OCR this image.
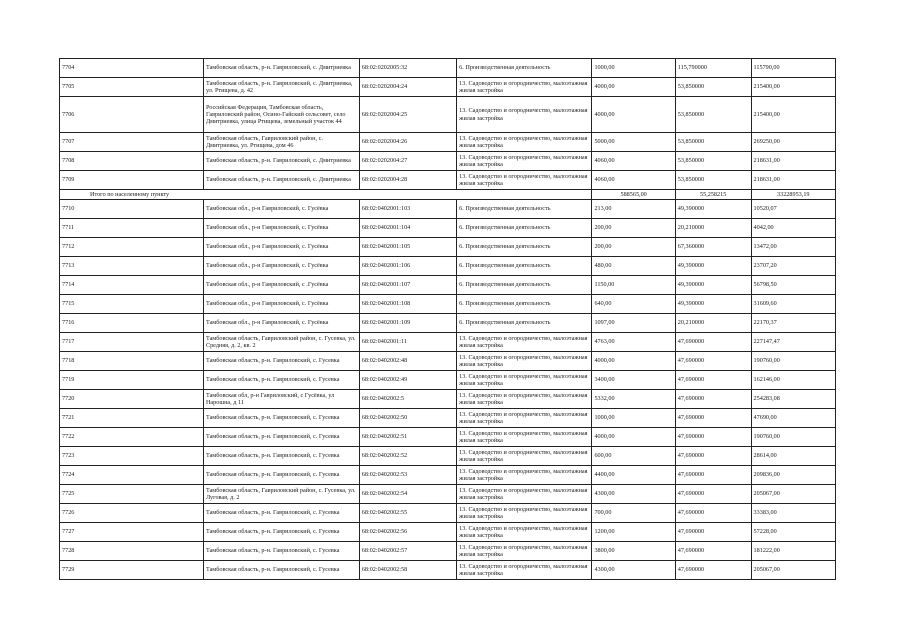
7704	Тамбовская область, р-н. Гавриловский, с. Дмитриевка	68:02:0202005:32	6. Производственная деятельность	1000,00	115,790000	115790,00
7705	Тамбовская область, р-н. Гавриловский, с. Дмитриевка, ул. Ртищева, д. 42	68:02:0202004:24	13. Садоводство и огородничество, малоэтажная жилая застройка	4000,00	53,850000	215400,00
7706	Российская Федерация, Тамбовская область, Гавриловский район, Осино-Гайский сельсовет, село Дмитриевка, улица Ртищева, земельный участок 44	68:02:0202004:25	13. Садоводство и огородничество, малоэтажная жилая застройка	4000,00	53,850000	215400,00
7707	Тамбовская область, Гавриловский район, с. Дмитриевка, ул. Ртищева, дом 46	68:02:0202004:26	13. Садоводство и огородничество, малоэтажная жилая застройка	5000,00	53,850000	269250,00
7708	Тамбовская область, р-н. Гавриловский, с. Дмитриевка	68:02:0202004:27	13. Садоводство и огородничество, малоэтажная жилая застройка	4060,00	53,850000	218631,00
7709	Тамбовская область, р-н. Гавриловский, с. Дмитриевка	68:02:0202004:28	13. Садоводство и огородничество, малоэтажная жилая застройка	4060,00	53,850000	218631,00
Итого по населенному пункту				588565,00	55,258215	33228953,19
7710	Тамбовская обл., р-н Гавриловский, с. Гусёвка	68:02:0402001:103	6. Производственная деятельность	213,00	49,390000	10520,07
7711	Тамбовская обл., р-н Гавриловский, с. Гусёвка	68:02:0402001:104	6. Производственная деятельность	200,00	20,210000	4042,00
7712	Тамбовская обл., р-н Гавриловский, с. Гусёвка	68:02:0402001:105	6. Производственная деятельность	200,00	67,360000	13472,00
7713	Тамбовская обл., р-н Гавриловский, с. Гусёвка	68:02:0402001:106	6. Производственная деятельность	480,00	49,390000	23707,20
7714	Тамбовская обл., р-н Гавриловский, с .Гусёвка	68:02:0402001:107	6. Производственная деятельность	1150,00	49,390000	56798,50
7715	Тамбовская обл., р-н Гавриловский, с. Гусёвка	68:02:0402001:108	6. Производственная деятельность	640,00	49,390000	31609,60
7716	Тамбовская обл., р-н Гавриловский, с. Гусёвка	68:02:0402001:109	6. Производственная деятельность	1097,00	20,210000	22170,37
7717	Тамбовская область, Гавриловский район, с. Гусевка, ул. Средняя, д. 2, кв. 2	68:02:0402001:11	13. Садоводство и огородничество, малоэтажная жилая застройка	4763,00	47,690000	227147,47
7718	Тамбовская область, р-н. Гавриловский, с. Гусевка	68:02:0402002:48	13. Садоводство и огородничество, малоэтажная жилая застройка	4000,00	47,690000	190760,00
7719	Тамбовская область, р-н. Гавриловский, с. Гусевка	68:02:0402002:49	13. Садоводство и огородничество, малоэтажная жилая застройка	3400,00	47,690000	162146,00
7720	Тамбовская обл, р-н Гавриловский, с Гусёвка, ул Нарошна, д 11	68:02:0402002:5	13. Садоводство и огородничество, малоэтажная жилая застройка	5332,00	47,690000	254283,08
7721	Тамбовская область, р-н. Гавриловский, с. Гусевка	68:02:0402002:50	13. Садоводство и огородничество, малоэтажная жилая застройка	1000,00	47,690000	47690,00
7722	Тамбовская область, р-н. Гавриловский, с. Гусевка	68:02:0402002:51	13. Садоводство и огородничество, малоэтажная жилая застройка	4000,00	47,690000	190760,00
7723	Тамбовская область, р-н. Гавриловский, с. Гусевка	68:02:0402002:52	13. Садоводство и огородничество, малоэтажная жилая застройка	600,00	47,690000	28614,00
7724	Тамбовская область, р-н. Гавриловский, с. Гусевка	68:02:0402002:53	13. Садоводство и огородничество, малоэтажная жилая застройка	4400,00	47,690000	209836,00
7725	Тамбовская область, Гавриловский район, с. Гусевка, ул. Луговая, д. 2	68:02:0402002:54	13. Садоводство и огородничество, малоэтажная жилая застройка	4300,00	47,690000	205067,00
7726	Тамбовская область, р-н. Гавриловский, с. Гусевка	68:02:0402002:55	13. Садоводство и огородничество, малоэтажная жилая застройка	700,00	47,690000	33383,00
7727	Тамбовская область, р-н. Гавриловский, с. Гусевка	68:02:0402002:56	13. Садоводство и огородничество, малоэтажная жилая застройка	1200,00	47,690000	57228,00
7728	Тамбовская область, р-н. Гавриловский, с. Гусевка	68:02:0402002:57	13. Садоводство и огородничество, малоэтажная жилая застройка	3800,00	47,690000	181222,00
7729	Тамбовская область, р-н. Гавриловский, с. Гусевка	68:02:0402002:58	13. Садоводство и огородничество, малоэтажная жилая застройка	4300,00	47,690000	205067,00
